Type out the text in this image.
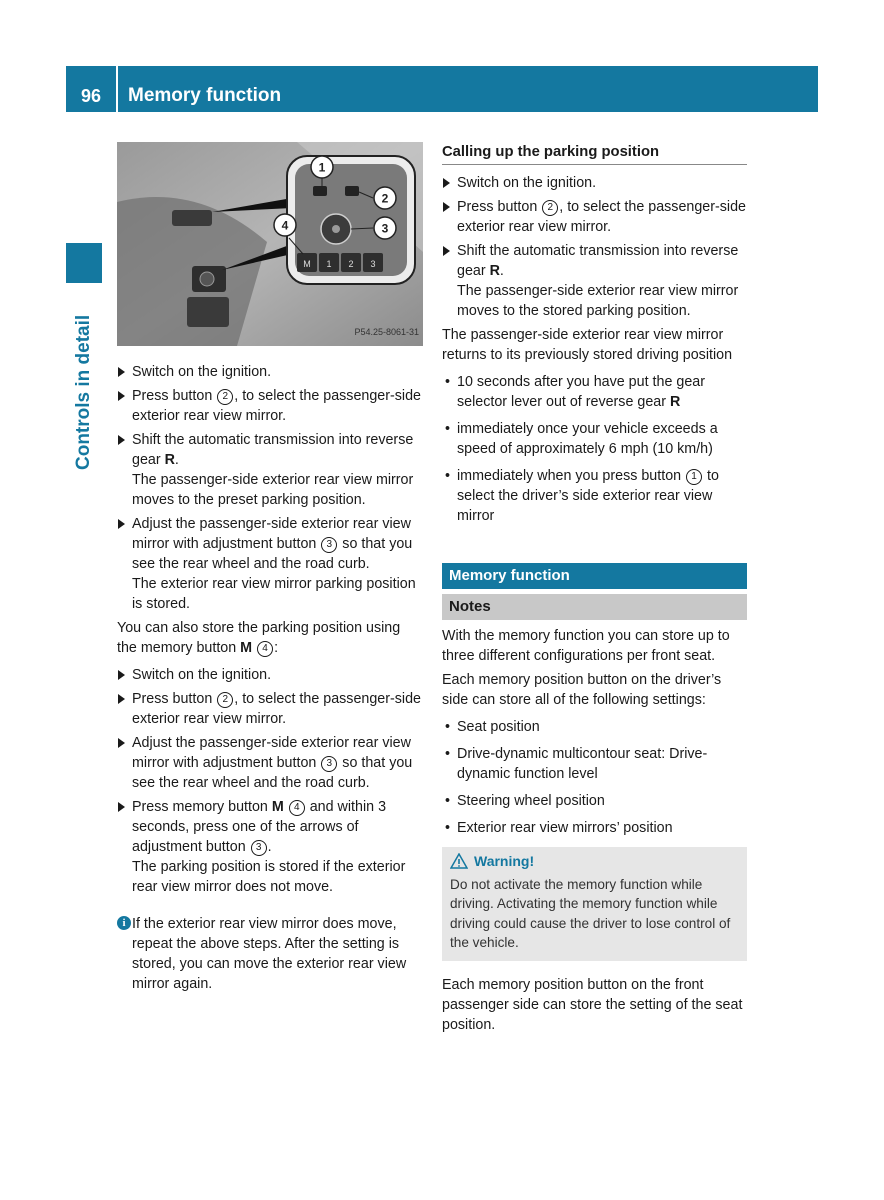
96	Memory function
Controls in detail
M 1 2 3
1
2
3
4
P54.25-8061-31
Switch on the ignition.
Press button 2 , to select the passenger-side exterior rear view mirror.
Shift the automatic transmission into reverse gear R.
The passenger-side exterior rear view mirror moves to the preset parking position.
Adjust the passenger-side exterior rear view mirror with adjustment button 3 so that you see the rear wheel and the road curb.
The exterior rear view mirror parking position is stored.
You can also store the parking position using the memory button M 4 :
Switch on the ignition.
Press button 2 , to select the passenger-side exterior rear view mirror.
Adjust the passenger-side exterior rear view mirror with adjustment button 3 so that you see the rear wheel and the road curb.
Press memory button M 4 and within 3 seconds, press one of the arrows of adjustment button 3 .
The parking position is stored if the exterior rear view mirror does not move.
i If the exterior rear view mirror does move, repeat the above steps. After the setting is stored, you can move the exterior rear view mirror again.
Calling up the parking position
Switch on the ignition.
Press button 2 , to select the passenger-side exterior rear view mirror.
Shift the automatic transmission into reverse gear R.
The passenger-side exterior rear view mirror moves to the stored parking position.
The passenger-side exterior rear view mirror returns to its previously stored driving position
• 10 seconds after you have put the gear selector lever out of reverse gear R
• immediately once your vehicle exceeds a speed of approximately 6 mph (10 km/h)
• immediately when you press button 1 to select the driver’s side exterior rear view mirror
Memory function
Notes
With the memory function you can store up to three different configurations per front seat.
Each memory position button on the driver’s side can store all of the following settings:
• Seat position
• Drive-dynamic multicontour seat: Drive-dynamic function level
• Steering wheel position
• Exterior rear view mirrors’ position
Warning!
Do not activate the memory function while driving. Activating the memory function while driving could cause the driver to lose control of the vehicle.
Each memory position button on the front passenger side can store the setting of the seat position.
